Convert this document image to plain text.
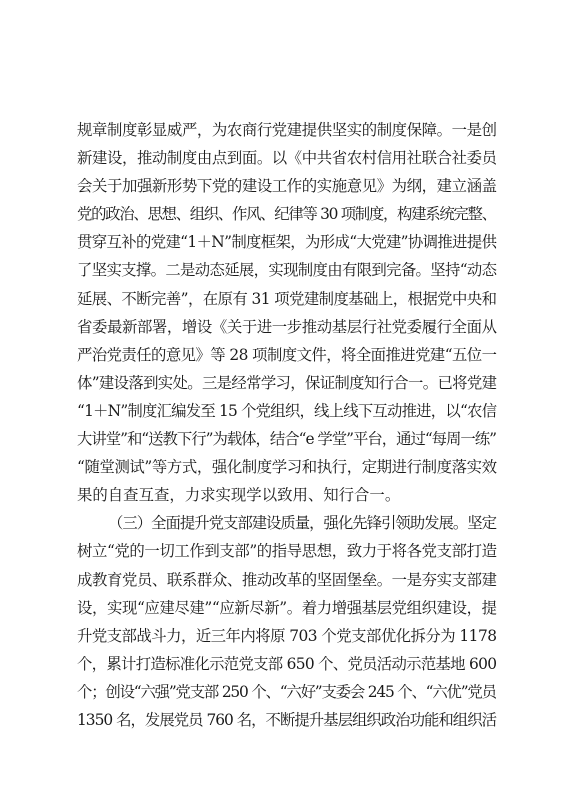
规章制度彰显威严，为农商行党建提供坚实的制度保障。一是创
新建设，推动制度由点到面。以《中共省农村信用社联合社委员
会关于加强新形势下党的建设工作的实施意见》为纲，建立涵盖
党的政治、思想、组织、作风、纪律等 30 项制度，构建系统完整、
贯穿互补的党建“1＋N”制度框架，为形成“大党建”协调推进提供
了坚实支撑。二是动态延展，实现制度由有限到完备。坚持“动态
延展、不断完善”，在原有 31 项党建制度基础上，根据党中央和
省委最新部署，增设《关于进一步推动基层行社党委履行全面从
严治党责任的意见》等 28 项制度文件，将全面推进党建“五位一
体”建设落到实处。三是经常学习，保证制度知行合一。已将党建
“1＋N”制度汇编发至 15 个党组织，线上线下互动推进，以“农信
大讲堂”和“送教下行”为载体，结合“e 学堂”平台，通过“每周一练”
“随堂测试”等方式，强化制度学习和执行，定期进行制度落实效
果的自查互查，力求实现学以致用、知行合一。
（三）全面提升党支部建设质量，强化先锋引领助发展。坚定
树立“党的一切工作到支部”的指导思想，致力于将各党支部打造
成教育党员、联系群众、推动改革的坚固堡垒。一是夯实支部建
设，实现“应建尽建”“应新尽新”。着力增强基层党组织建设，提
升党支部战斗力，近三年内将原 703 个党支部优化拆分为 1178
个，累计打造标准化示范党支部 650 个、党员活动示范基地 600
个；创设“六强”党支部 250 个、“六好”支委会 245 个、“六优”党员
1350 名，发展党员 760 名，不断提升基层组织政治功能和组织活
